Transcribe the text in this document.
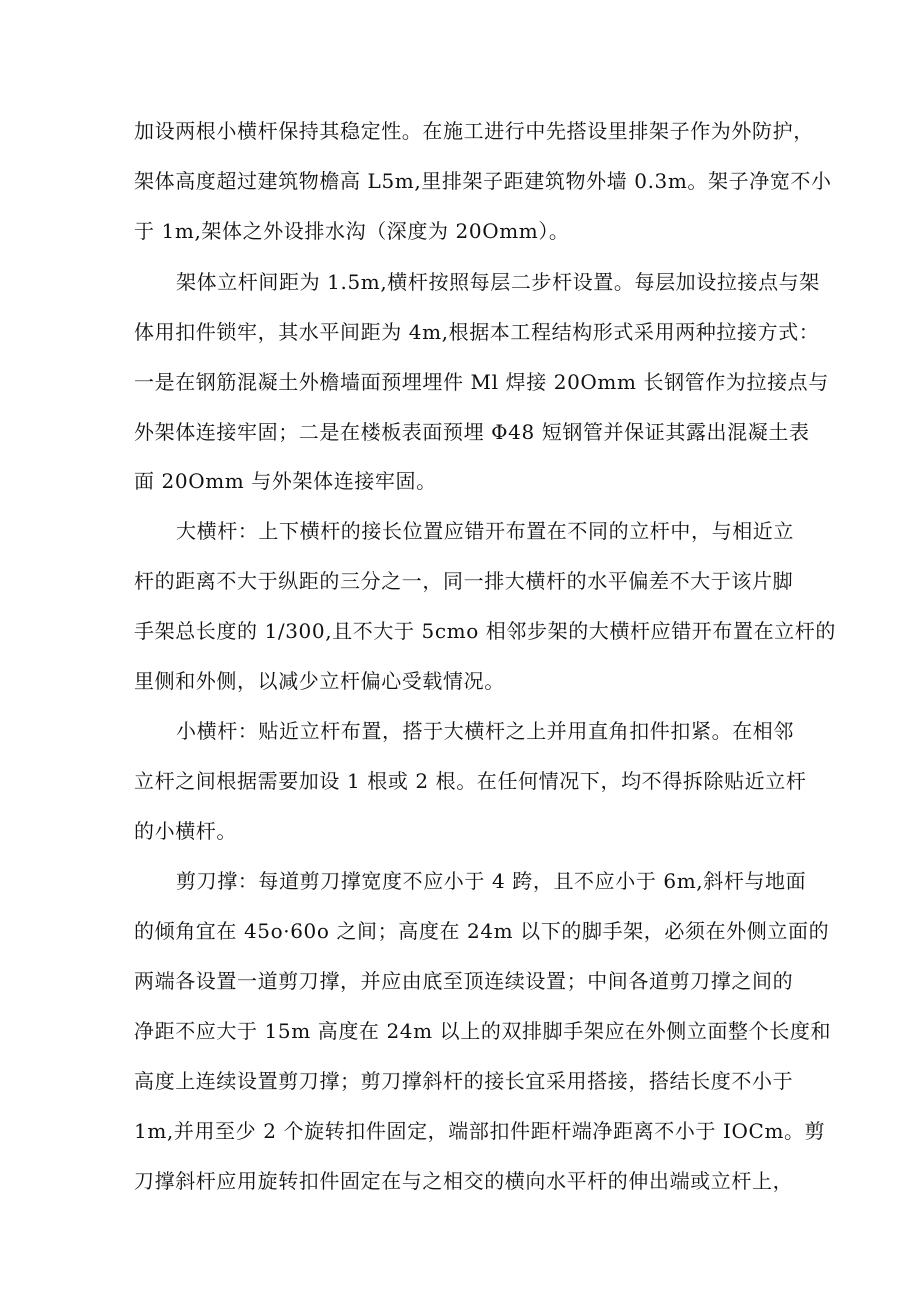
加设两根小横杆保持其稳定性。在施工进行中先搭设里排架子作为外防护，
架体高度超过建筑物檐高 L5m,里排架子距建筑物外墙 0.3m。架子净宽不小
于 1m,架体之外设排水沟（深度为 20Omm）。
架体立杆间距为 1.5m,横杆按照每层二步杆设置。每层加设拉接点与架
体用扣件锁牢，其水平间距为 4m,根据本工程结构形式采用两种拉接方式：
一是在钢筋混凝土外檐墙面预埋埋件 Ml 焊接 20Omm 长钢管作为拉接点与
外架体连接牢固；二是在楼板表面预埋 Φ48 短钢管并保证其露出混凝土表
面 20Omm 与外架体连接牢固。
大横杆：上下横杆的接长位置应错开布置在不同的立杆中，与相近立
杆的距离不大于纵距的三分之一，同一排大横杆的水平偏差不大于该片脚
手架总长度的 1/300,且不大于 5cmo 相邻步架的大横杆应错开布置在立杆的
里侧和外侧，以减少立杆偏心受载情况。
小横杆：贴近立杆布置，搭于大横杆之上并用直角扣件扣紧。在相邻
立杆之间根据需要加设 1 根或 2 根。在任何情况下，均不得拆除贴近立杆
的小横杆。
剪刀撑：每道剪刀撑宽度不应小于 4 跨，且不应小于 6m,斜杆与地面
的倾角宜在 45o·60o 之间；高度在 24m 以下的脚手架，必须在外侧立面的
两端各设置一道剪刀撑，并应由底至顶连续设置；中间各道剪刀撑之间的
净距不应大于 15m 高度在 24m 以上的双排脚手架应在外侧立面整个长度和
高度上连续设置剪刀撑；剪刀撑斜杆的接长宜采用搭接，搭结长度不小于
1m,并用至少 2 个旋转扣件固定，端部扣件距杆端净距离不小于 IOCm。剪
刀撑斜杆应用旋转扣件固定在与之相交的横向水平杆的伸出端或立杆上，
